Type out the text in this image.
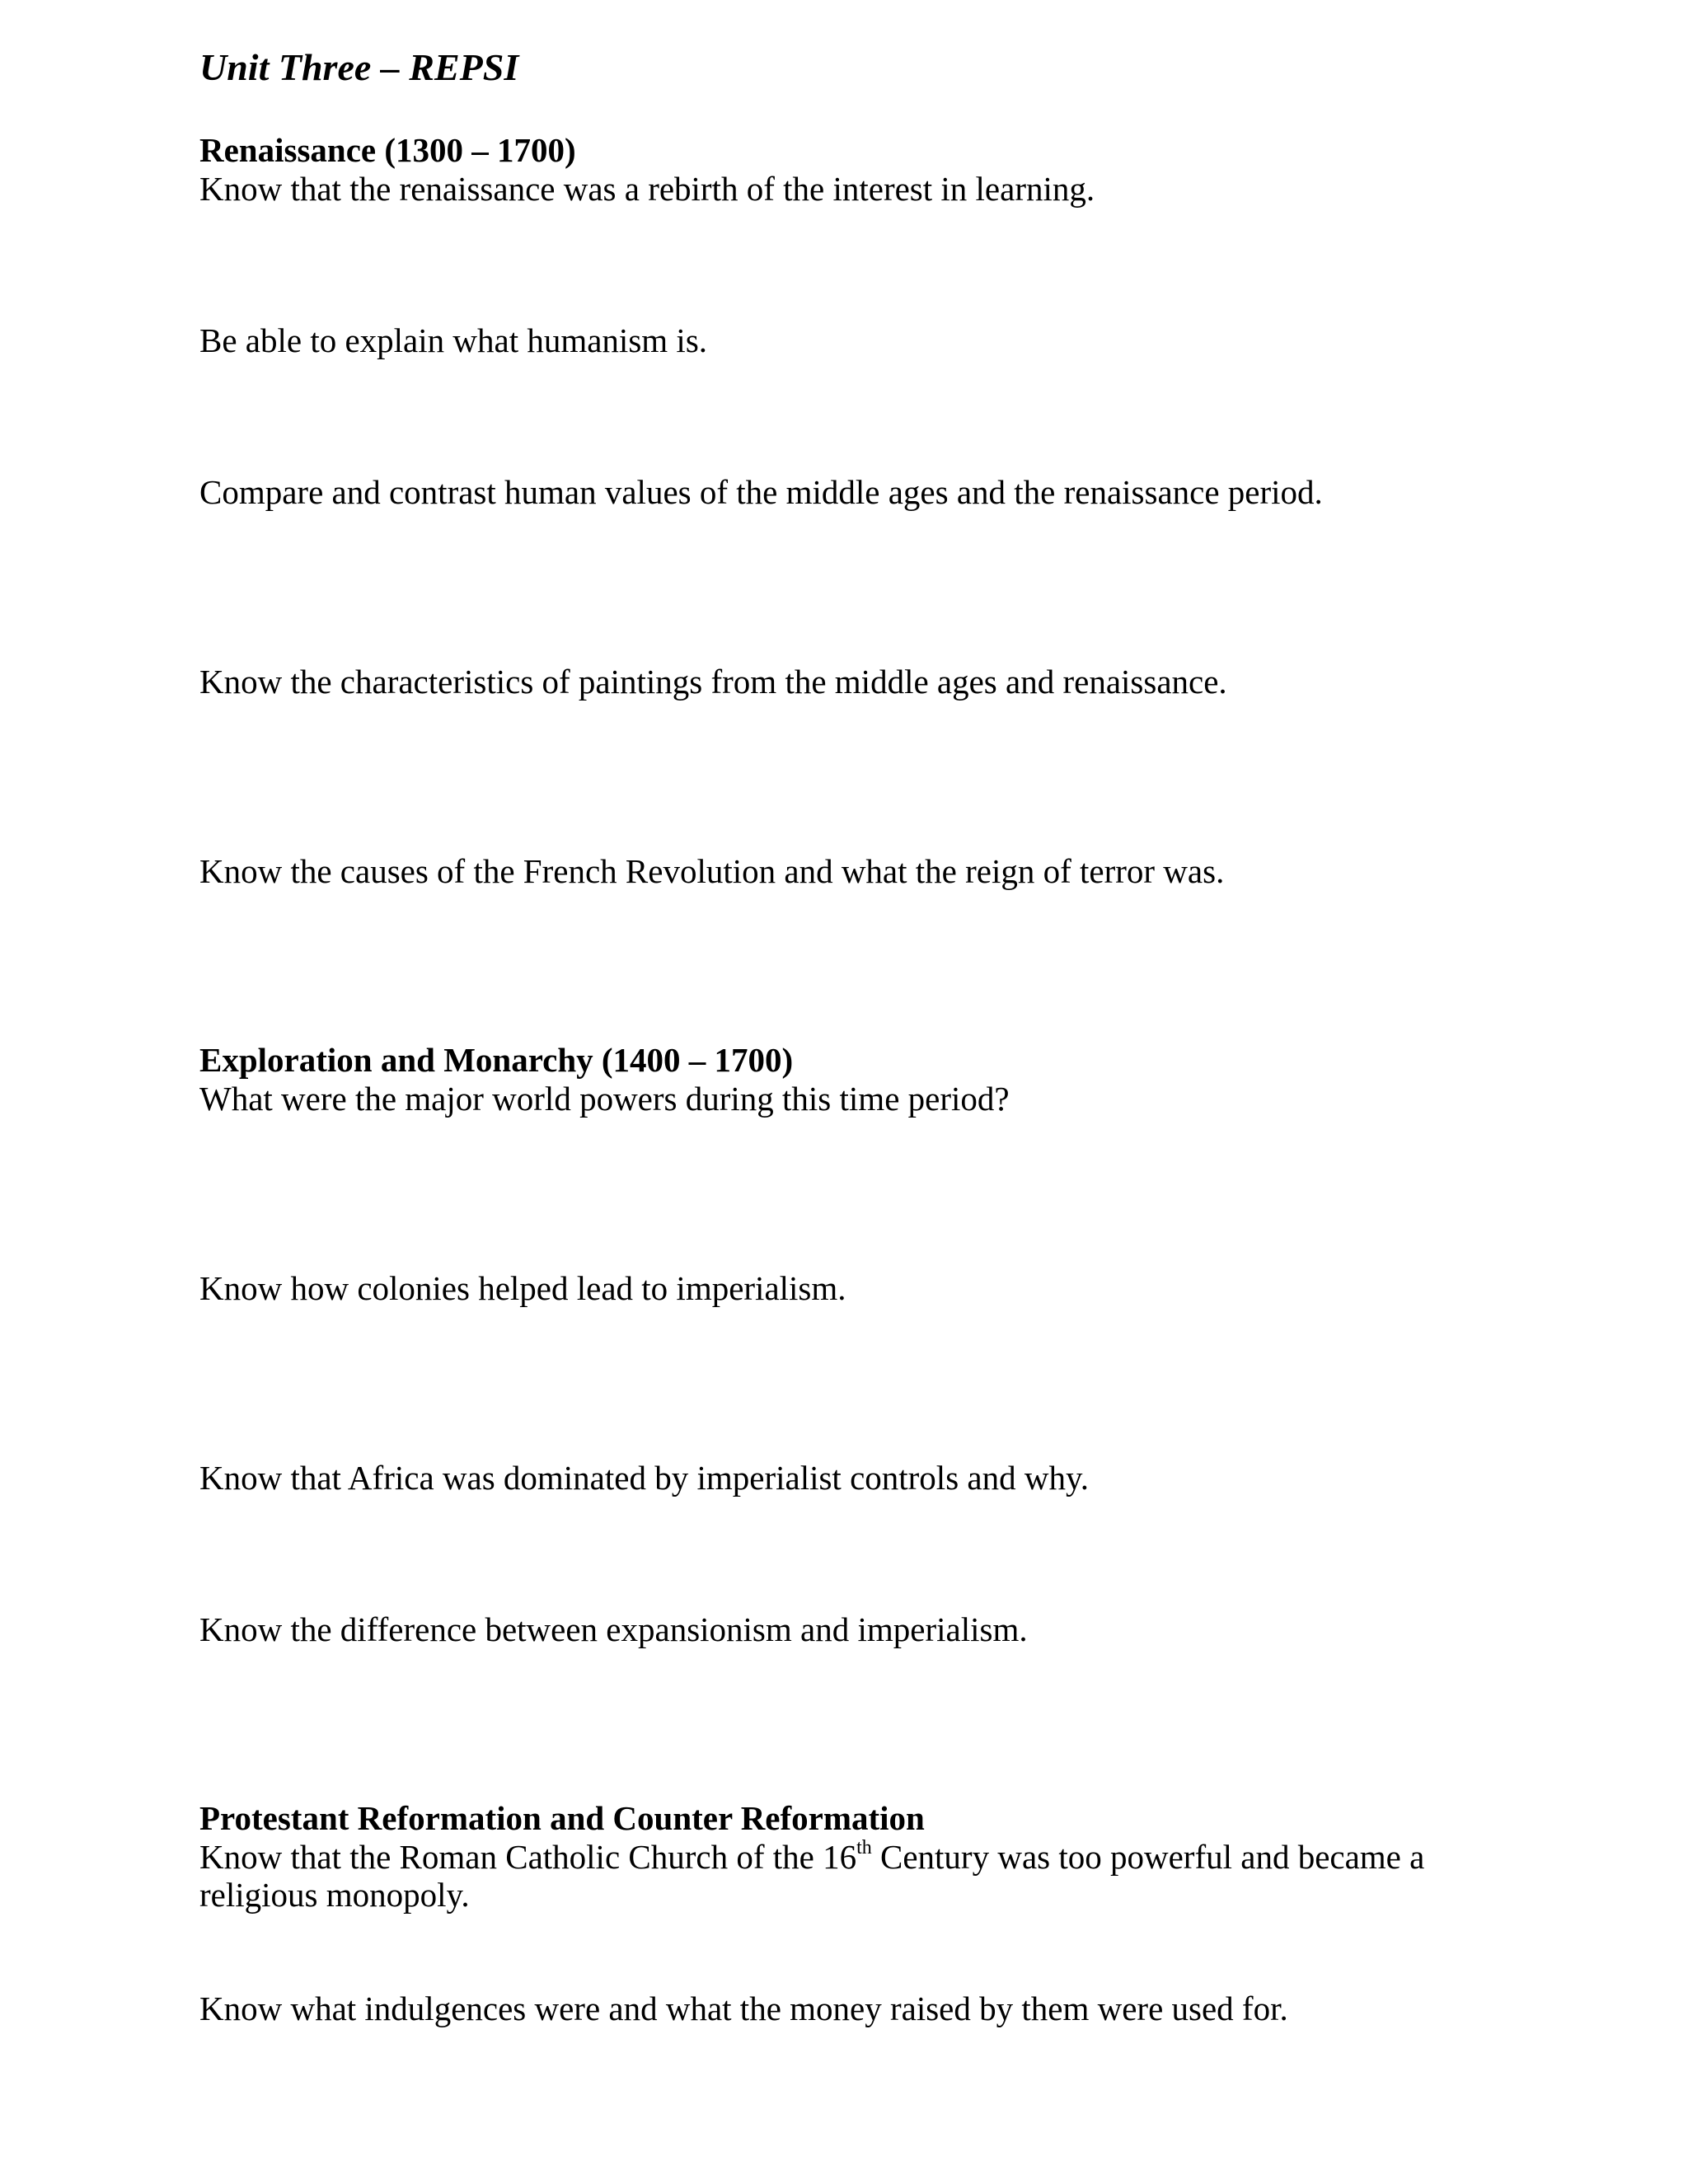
Unit Three – REPSI
Renaissance (1300 – 1700)
Know that the renaissance was a rebirth of the interest in learning.
Be able to explain what humanism is.
Compare and contrast human values of the middle ages and the renaissance period.
Know the characteristics of paintings from the middle ages and renaissance.
Know the causes of the French Revolution and what the reign of terror was.
Exploration and Monarchy (1400 – 1700)
What were the major world powers during this time period?
Know how colonies helped lead to imperialism.
Know that Africa was dominated by imperialist controls and why.
Know the difference between expansionism and imperialism.
Protestant Reformation and Counter Reformation
Know that the Roman Catholic Church of the 16th Century was too powerful and became a
religious monopoly.
Know what indulgences were and what the money raised by them were used for.
